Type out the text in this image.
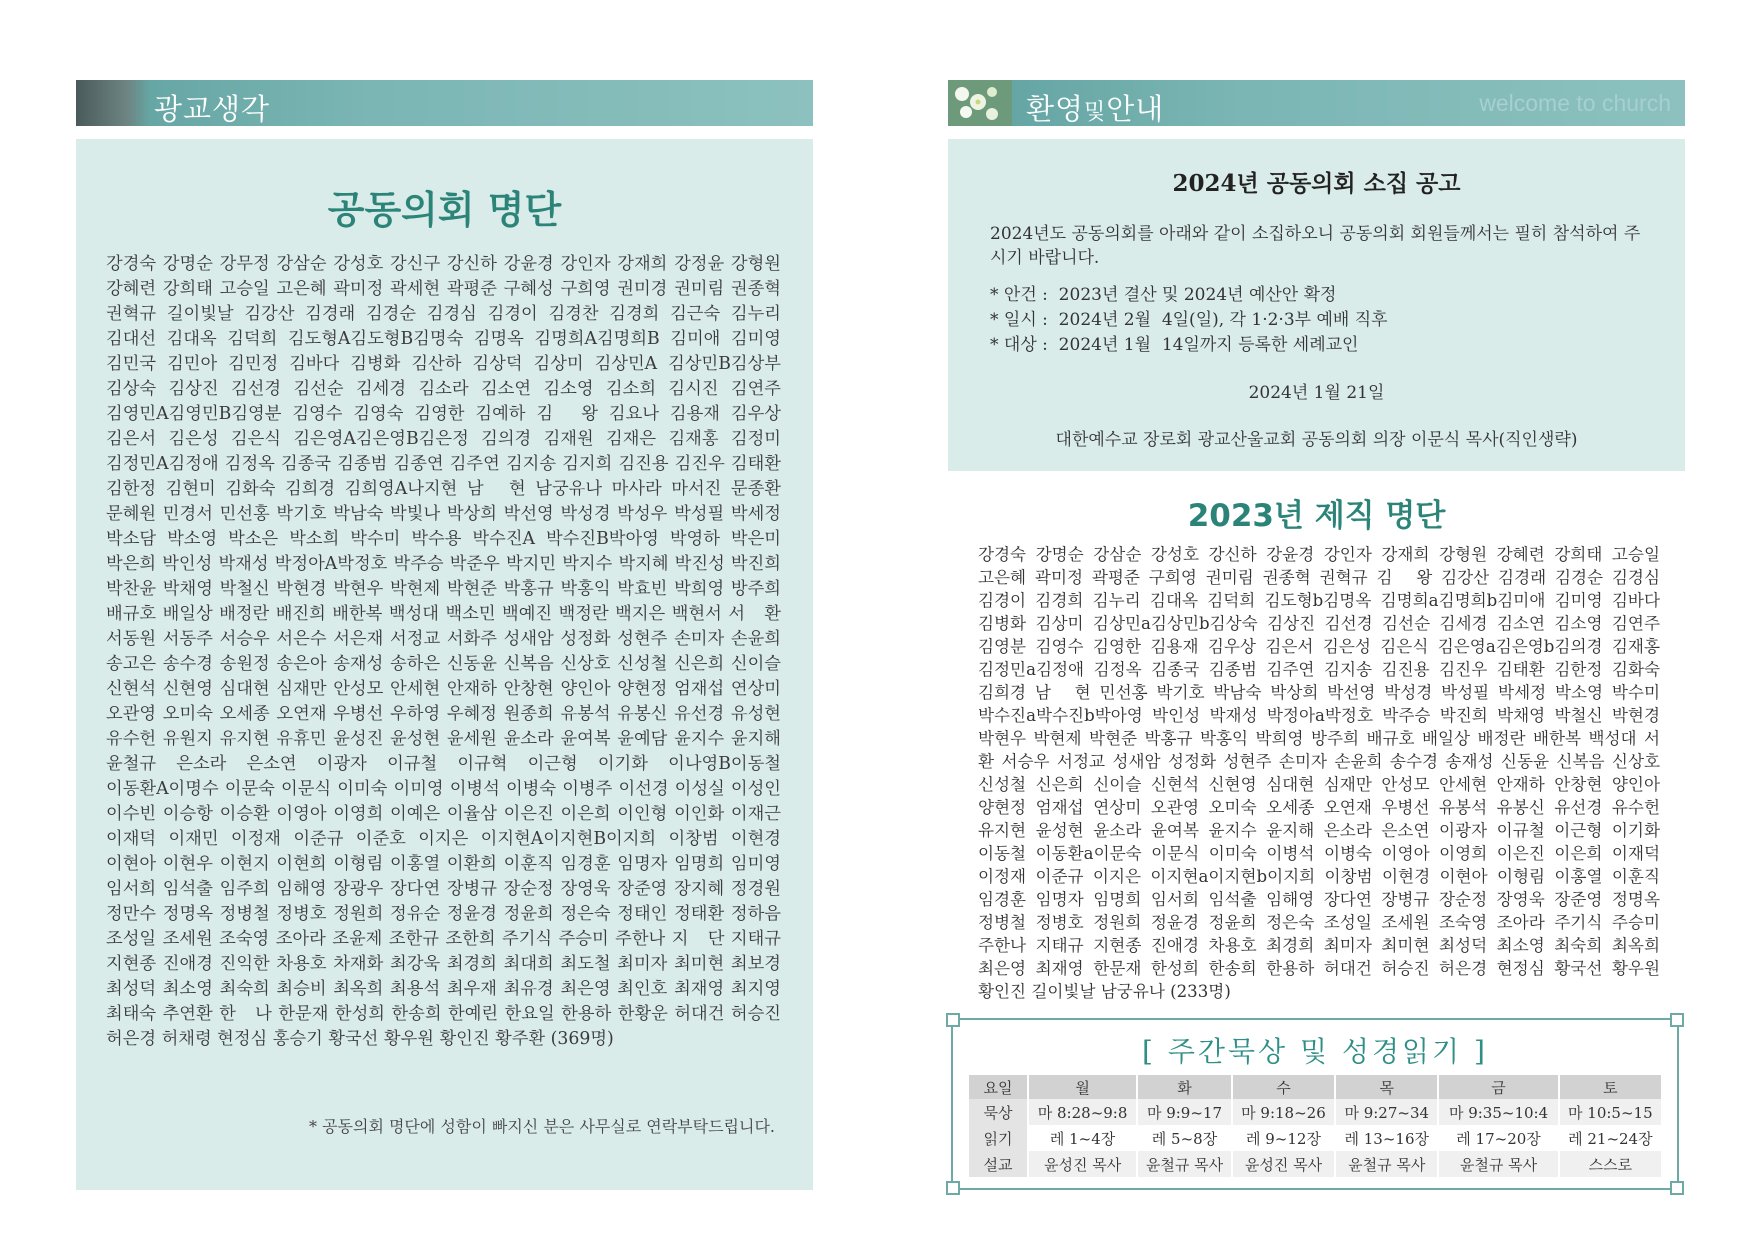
광교생각
공동의회 명단
강경숙 강명순 강무정 강삼순 강성호 강신구 강신하 강윤경 강인자 강재희 강정윤 강형원 강혜련 강희태 고승일 고은혜 곽미정 곽세현 곽평준 구혜성 구희영 권미경 권미림 권종혁 권혁규 길이빛날 김강산 김경래 김경순 김경심 김경이 김경찬 김경희 김근숙 김누리 김대선 김대옥 김덕희 김도형A김도형B김명숙 김명옥 김명희A김명희B 김미애 김미영 김민국 김민아 김민정 김바다 김병화 김산하 김상덕 김상미 김상민A 김상민B김상부 김상숙 김상진 김선경 김선순 김세경 김소라 김소연 김소영 김소희 김시진 김연주 김영민A김영민B김영분 김영수 김영숙 김영한 김예하 김　왕 김요나 김용재 김우상 김은서 김은성 김은식 김은영A김은영B김은정 김의경 김재원 김재은 김재홍 김정미 김정민A김정애 김정옥 김종국 김종범 김종연 김주연 김지송 김지희 김진용 김진우 김태환 김한정 김현미 김화숙 김희경 김희영A나지현 남　현 남궁유나 마사라 마서진 문종환 문혜원 민경서 민선홍 박기호 박남숙 박빛나 박상희 박선영 박성경 박성우 박성필 박세정 박소담 박소영 박소은 박소희 박수미 박수용 박수진A 박수진B박아영 박영하 박은미 박은희 박인성 박재성 박정아A박정호 박주승 박준우 박지민 박지수 박지혜 박진성 박진희 박찬윤 박채영 박철신 박현경 박현우 박현제 박현준 박홍규 박홍익 박효빈 박희영 방주희 배규호 배일상 배정란 배진희 배한복 백성대 백소민 백예진 백정란 백지은 백현서 서　환 서동원 서동주 서승우 서은수 서은재 서정교 서화주 성새암 성정화 성현주 손미자 손윤희 송고은 송수경 송원정 송은아 송재성 송하은 신동윤 신복음 신상호 신성철 신은희 신이슬 신현석 신현영 심대현 심재만 안성모 안세현 안재하 안창현 양인아 양현정 엄재섭 연상미 오관영 오미숙 오세종 오연재 우병선 우하영 우혜정 원종희 유봉석 유봉신 유선경 유성현 유수헌 유원지 유지현 유휴민 윤성진 윤성현 윤세원 윤소라 윤여복 윤예담 윤지수 윤지해 윤철규 은소라 은소연 이광자 이규철 이규혁 이근형 이기화 이나영B이동철 이동환A이명수 이문숙 이문식 이미숙 이미영 이병석 이병숙 이병주 이선경 이성실 이성인 이수빈 이승항 이승환 이영아 이영희 이예은 이율삼 이은진 이은희 이인형 이인화 이재근 이재덕 이재민 이정재 이준규 이준호 이지은 이지현A이지현B이지희 이창범 이현경 이현아 이현우 이현지 이현희 이형림 이홍열 이환희 이훈직 임경훈 임명자 임명희 임미영 임서희 임석출 임주희 임해영 장광우 장다연 장병규 장순정 장영욱 장준영 장지혜 정경원 정만수 정명옥 정병철 정병호 정원희 정유순 정윤경 정윤희 정은숙 정태인 정태환 정하음 조성일 조세원 조숙영 조아라 조윤제 조한규 조한희 주기식 주승미 주한나 지　단 지태규 지현종 진애경 진익한 차용호 차재화 최강욱 최경희 최대희 최도철 최미자 최미현 최보경 최성덕 최소영 최숙희 최승비 최옥희 최용석 최우재 최유경 최은영 최인호 최재영 최지영 최태숙 추연환 한　나 한문재 한성희 한송희 한예린 한요일 한용하 한황운 허대건 허승진 허은경 허채령 현정심 홍승기 황국선 황우원 황인진 황주환 (369명)
* 공동의회 명단에 성함이 빠지신 분은 사무실로 연락부탁드립니다.
환영및안내	welcome to church
2024년 공동의회 소집 공고
2024년도 공동의회를 아래와 같이 소집하오니 공동의회 회원들께서는 필히 참석하여 주시기 바랍니다.
* 안건 :  2023년 결산 및 2024년 예산안 확정
* 일시 :  2024년 2월  4일(일), 각 1·2·3부 예배 직후
* 대상 :  2024년 1월  14일까지 등록한 세례교인
2024년 1월 21일
대한예수교 장로회 광교산울교회 공동의회 의장 이문식 목사(직인생략)
2023년 제직 명단
강경숙 강명순 강삼순 강성호 강신하 강윤경 강인자 강재희 강형원 강혜련 강희태 고승일 고은혜 곽미정 곽평준 구희영 권미림 권종혁 권혁규 김　왕 김강산 김경래 김경순 김경심 김경이 김경희 김누리 김대옥 김덕희 김도형b김명옥 김명희a김명희b김미애 김미영 김바다 김병화 김상미 김상민a김상민b김상숙 김상진 김선경 김선순 김세경 김소연 김소영 김연주 김영분 김영수 김영한 김용재 김우상 김은서 김은성 김은식 김은영a김은영b김의경 김재홍 김정민a김정애 김정옥 김종국 김종범 김주연 김지송 김진용 김진우 김태환 김한정 김화숙 김희경 남　현 민선홍 박기호 박남숙 박상희 박선영 박성경 박성필 박세정 박소영 박수미 박수진a박수진b박아영 박인성 박재성 박정아a박정호 박주승 박진희 박채영 박철신 박현경 박현우 박현제 박현준 박홍규 박홍익 박희영 방주희 배규호 배일상 배정란 배한복 백성대 서　환 서승우 서정교 성새암 성정화 성현주 손미자 손윤희 송수경 송재성 신동윤 신복음 신상호 신성철 신은희 신이슬 신현석 신현영 심대현 심재만 안성모 안세현 안재하 안창현 양인아 양현정 엄재섭 연상미 오관영 오미숙 오세종 오연재 우병선 유봉석 유봉신 유선경 유수헌 유지현 윤성현 윤소라 윤여복 윤지수 윤지해 은소라 은소연 이광자 이규철 이근형 이기화 이동철 이동환a이문숙 이문식 이미숙 이병석 이병숙 이영아 이영희 이은진 이은희 이재덕 이정재 이준규 이지은 이지현a이지현b이지희 이창범 이현경 이현아 이형림 이홍열 이훈직 임경훈 임명자 임명희 임서희 임석출 임해영 장다연 장병규 장순정 장영욱 장준영 정명옥 정병철 정병호 정원희 정윤경 정윤희 정은숙 조성일 조세원 조숙영 조아라 주기식 주승미 주한나 지태규 지현종 진애경 차용호 최경희 최미자 최미현 최성덕 최소영 최숙희 최옥희 최은영 최재영 한문재 한성희 한송희 한용하 허대건 허승진 허은경 현정심 황국선 황우원 황인진 길이빛날 남궁유나 (233명)
[ 주간묵상 및 성경읽기 ]
요일	월	화	수	목	금	토
묵상	마 8:28~9:8	마 9:9~17	마 9:18~26	마 9:27~34	마 9:35~10:4	마 10:5~15
읽기	레 1~4장	레 5~8장	레 9~12장	레 13~16장	레 17~20장	레 21~24장
설교	윤성진 목사	윤철규 목사	윤성진 목사	윤철규 목사	윤철규 목사	스스로
